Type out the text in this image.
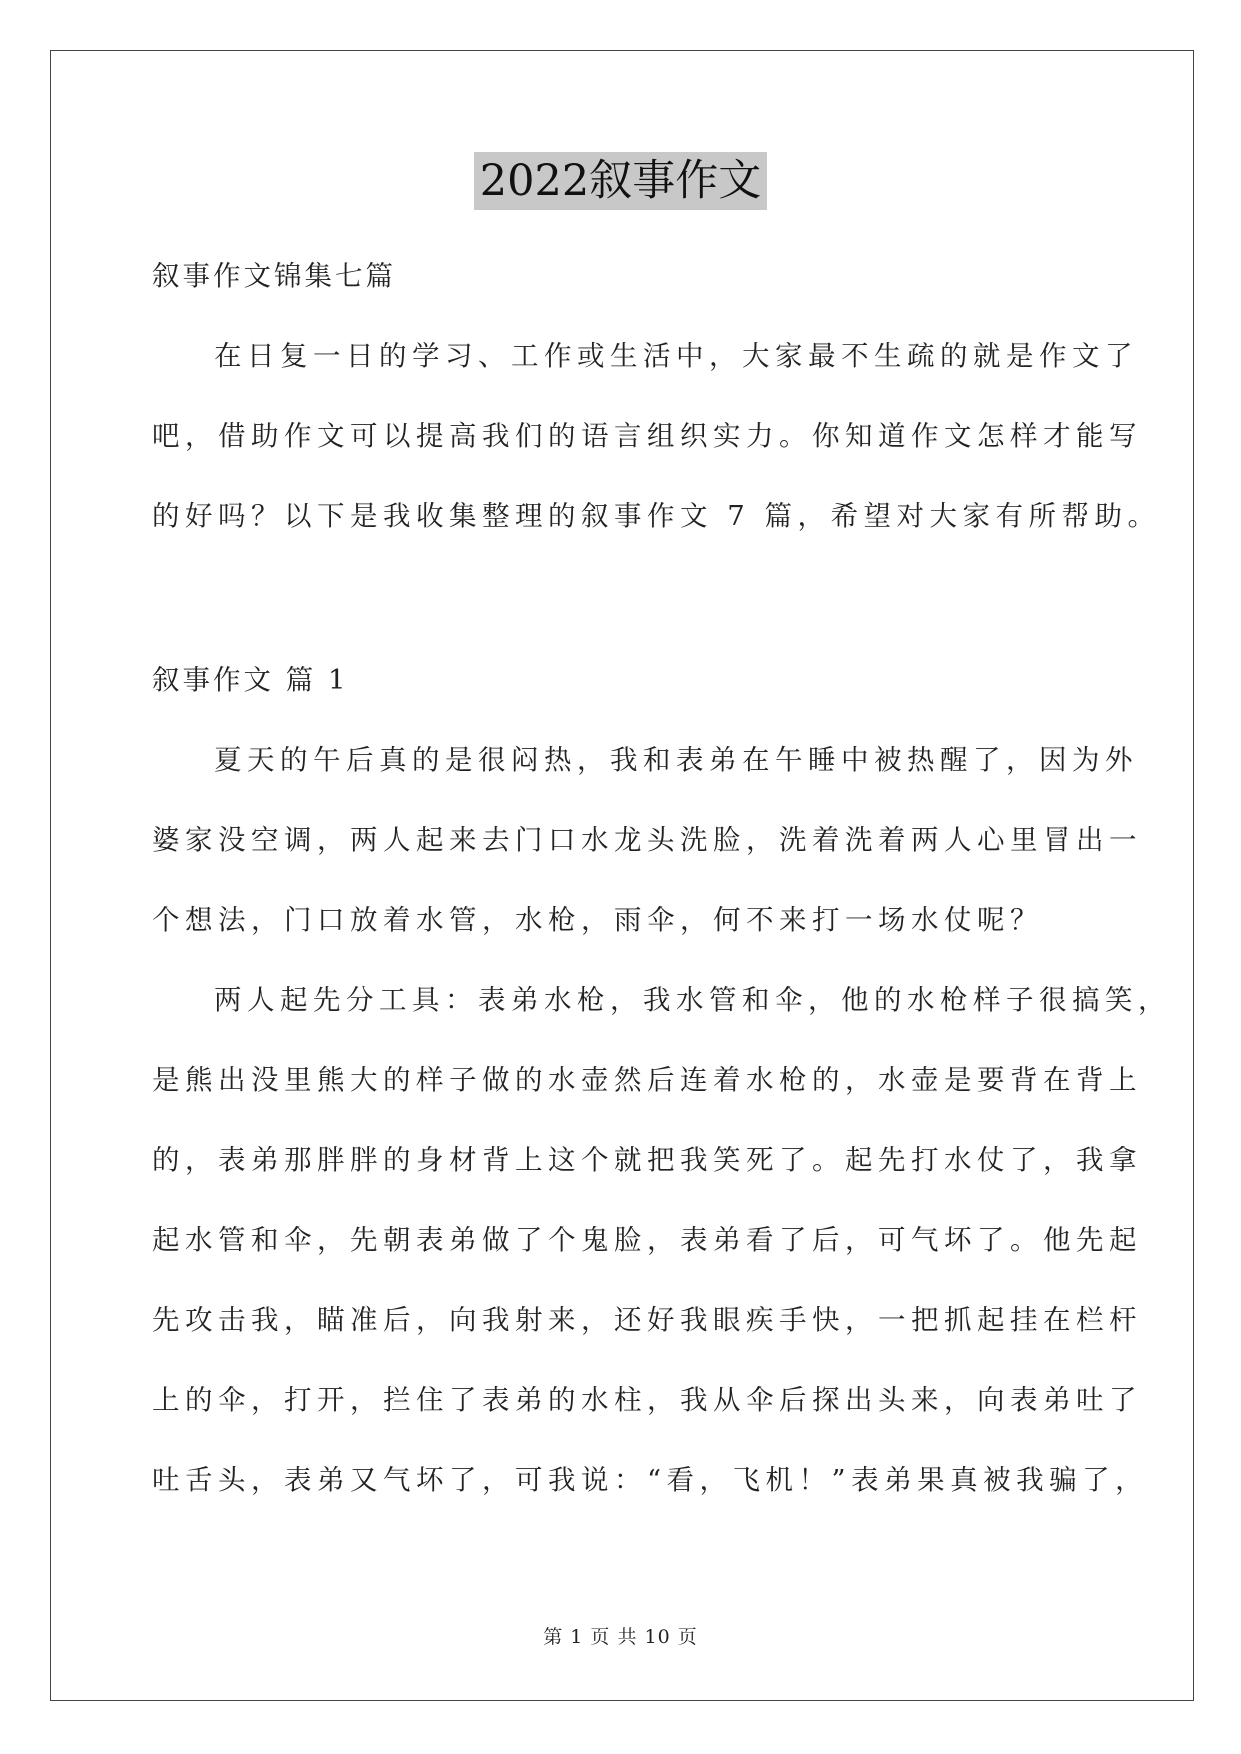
2022叙事作文
叙事作文锦集七篇
在日复一日的学习、工作或生活中，大家最不生疏的就是作文了
吧，借助作文可以提高我们的语言组织实力。你知道作文怎样才能写
的好吗？以下是我收集整理的叙事作文 7 篇，希望对大家有所帮助。
叙事作文 篇 1
夏天的午后真的是很闷热，我和表弟在午睡中被热醒了，因为外
婆家没空调，两人起来去门口水龙头洗脸，洗着洗着两人心里冒出一
个想法，门口放着水管，水枪，雨伞，何不来打一场水仗呢？
两人起先分工具：表弟水枪，我水管和伞，他的水枪样子很搞笑，
是熊出没里熊大的样子做的水壶然后连着水枪的，水壶是要背在背上
的，表弟那胖胖的身材背上这个就把我笑死了。起先打水仗了，我拿
起水管和伞，先朝表弟做了个鬼脸，表弟看了后，可气坏了。他先起
先攻击我，瞄准后，向我射来，还好我眼疾手快，一把抓起挂在栏杆
上的伞，打开，拦住了表弟的水柱，我从伞后探出头来，向表弟吐了
吐舌头，表弟又气坏了，可我说：“看，飞机！”表弟果真被我骗了，
第 1 页 共 10 页
